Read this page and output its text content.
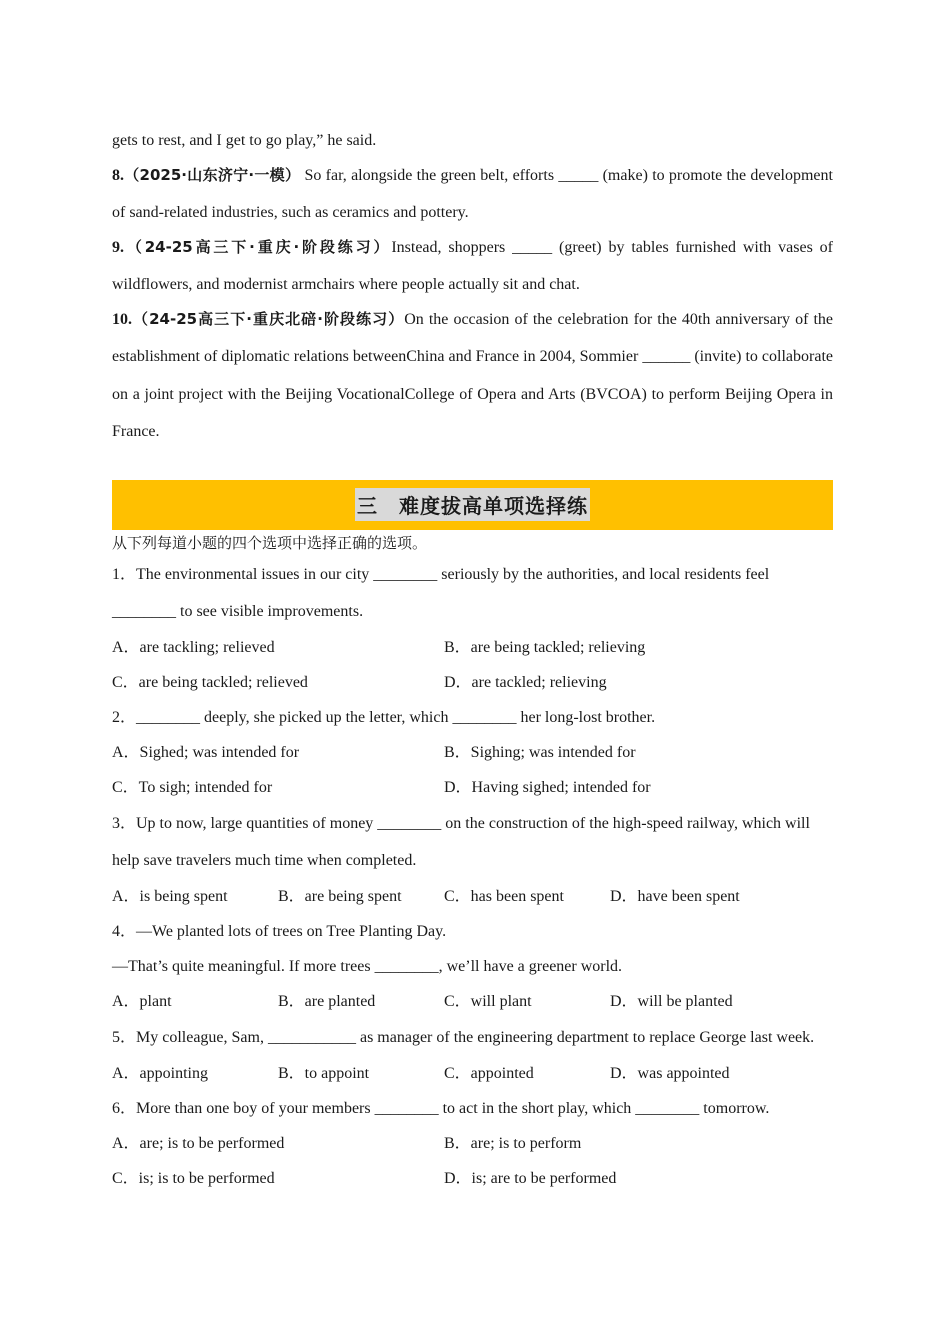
gets to rest, and I get to go play,” he said.

8.（2025·山东济宁·一模） So far, alongside the green belt, efforts _____ (make) to promote the development of sand-related industries, such as ceramics and pottery.

9.（24-25高三下·重庆·阶段练习）Instead, shoppers _____ (greet) by tables furnished with vases of wildflowers, and modernist armchairs where people actually sit and chat.

10.（24-25高三下·重庆北碚·阶段练习）On the occasion of the celebration for the 40th anniversary of the establishment of diplomatic relations betweenChina and France in 2004, Sommier ______ (invite) to collaborate on a joint project with the Beijing VocationalCollege of Opera and Arts (BVCOA) to perform Beijing Opera in France.

三　难度拔高单项选择练

从下列每道小题的四个选项中选择正确的选项。

1．The environmental issues in our city ________ seriously by the authorities, and local residents feel ________ to see visible improvements.

A．are tackling; relieved	B．are being tackled; relieving
C．are being tackled; relieved	D．are tackled; relieving

2．________ deeply, she picked up the letter, which ________ her long-lost brother.

A．Sighed; was intended for	B．Sighing; was intended for
C．To sigh; intended for	D．Having sighed; intended for

3．Up to now, large quantities of money ________ on the construction of the high-speed railway, which will help save travelers much time when completed.

A．is being spent	B．are being spent	C．has been spent	D．have been spent

4．—We planted lots of trees on Tree Planting Day.

—That’s quite meaningful. If more trees ________, we’ll have a greener world.

A．plant	B．are planted	C．will plant	D．will be planted

5．My colleague, Sam, ___________ as manager of the engineering department to replace George last week.

A．appointing	B．to appoint	C．appointed	D．was appointed

6．More than one boy of your members ________ to act in the short play, which ________ tomorrow.

A．are; is to be performed	B．are; is to perform
C．is; is to be performed	D．is; are to be performed
